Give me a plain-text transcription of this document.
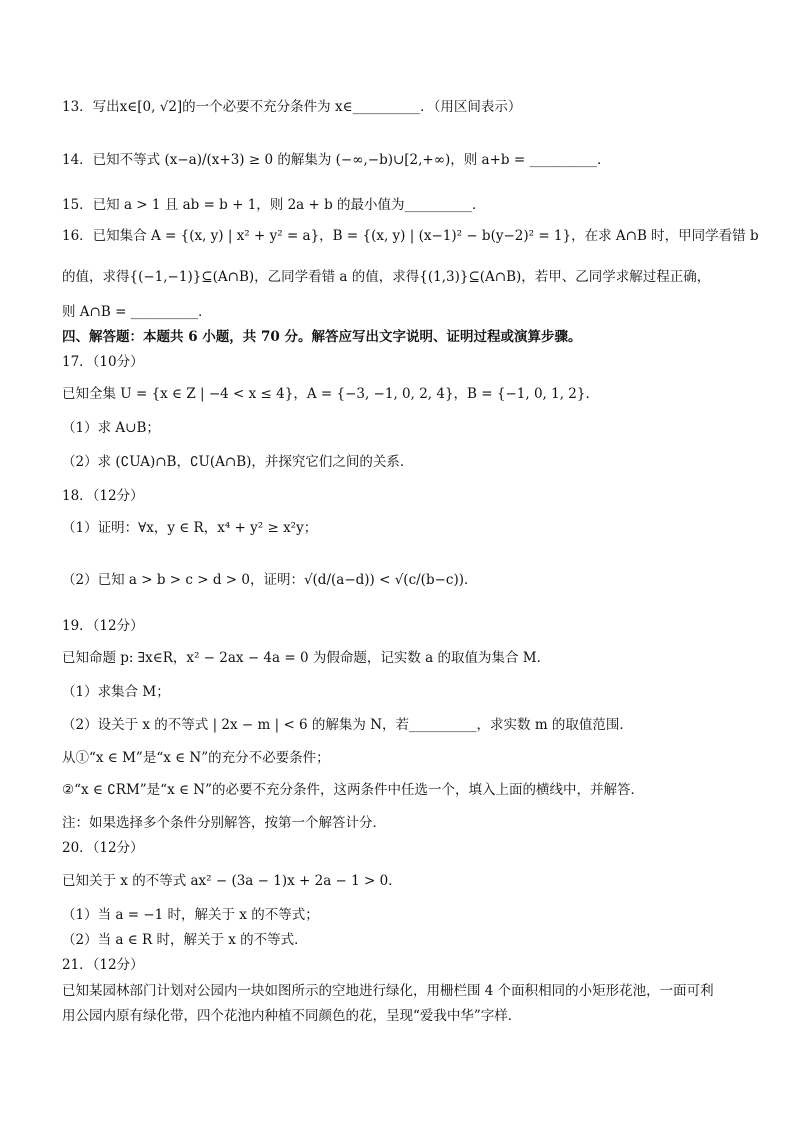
13．写出x∈[0, √2]的一个必要不充分条件为 x∈__________．（用区间表示）
14．已知不等式 (x−a)/(x+3) ≥ 0 的解集为 (−∞,−b)∪[2,+∞)，则 a+b = __________．
15．已知 a > 1 且 ab = b + 1，则 2a + b 的最小值为__________．
16．已知集合 A = {(x, y) | x² + y² = a}，B = {(x, y) | (x−1)² − b(y−2)² = 1}，在求 A∩B 时，甲同学看错 b
的值，求得{(−1,−1)}⊆(A∩B)，乙同学看错 a 的值，求得{(1,3)}⊆(A∩B)，若甲、乙同学求解过程正确，
则 A∩B = __________．
四、解答题：本题共 6 小题，共 70 分。解答应写出文字说明、证明过程或演算步骤。
17．（10分）
已知全集 U = {x ∈ Z | −4 < x ≤ 4}，A = {−3, −1, 0, 2, 4}，B = {−1, 0, 1, 2}．
（1）求 A∪B；
（2）求 (∁UA)∩B，∁U(A∩B)，并探究它们之间的关系．
18．（12分）
（1）证明：∀x，y ∈ R，x⁴ + y² ≥ x²y；
（2）已知 a > b > c > d > 0，证明：√(d/(a−d)) < √(c/(b−c))．
19．（12分）
已知命题 p: ∃x∈R，x² − 2ax − 4a = 0 为假命题，记实数 a 的取值为集合 M．
（1）求集合 M；
（2）设关于 x 的不等式 | 2x − m | < 6 的解集为 N，若__________，求实数 m 的取值范围．
从①“x ∈ M”是“x ∈ N”的充分不必要条件；
②“x ∈ ∁RM”是“x ∈ N”的必要不充分条件，这两条件中任选一个，填入上面的横线中，并解答．
注：如果选择多个条件分别解答，按第一个解答计分．
20．（12分）
已知关于 x 的不等式 ax² − (3a − 1)x + 2a − 1 > 0．
（1）当 a = −1 时，解关于 x 的不等式；
（2）当 a ∈ R 时，解关于 x 的不等式．
21．（12分）
已知某园林部门计划对公园内一块如图所示的空地进行绿化，用栅栏围 4 个面积相同的小矩形花池，一面可利
用公园内原有绿化带，四个花池内种植不同颜色的花，呈现“爱我中华”字样．
